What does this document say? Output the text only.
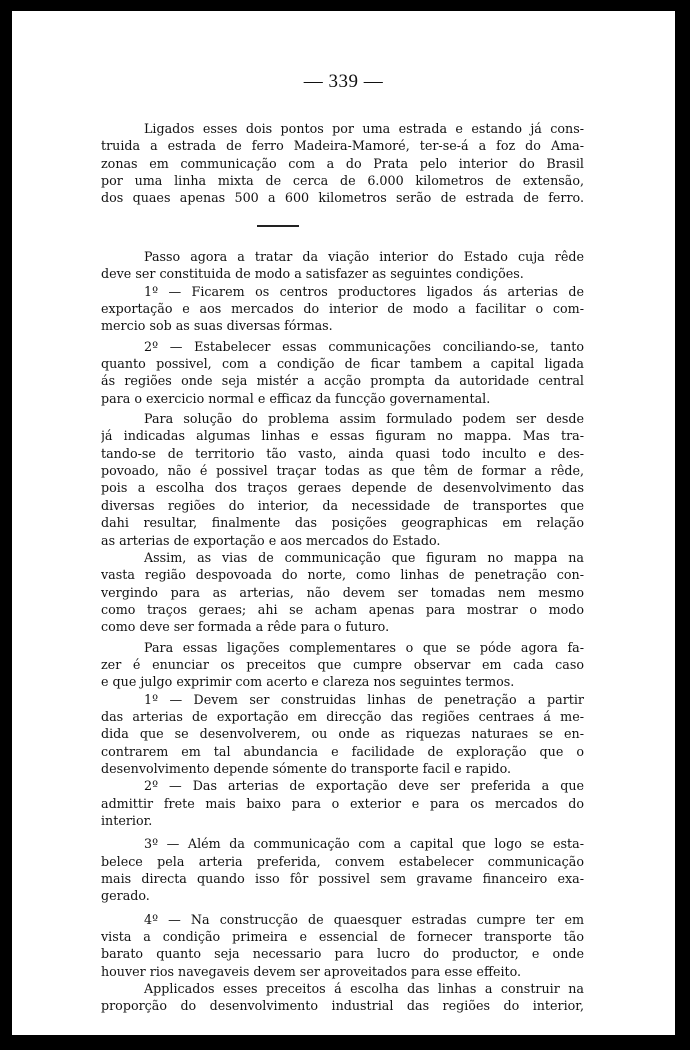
— 339 —
Ligados esses dois pontos por uma estrada e estando já cons-
truida a estrada de ferro Madeira-Mamoré, ter-se-á a foz do Ama-
zonas em communicação com a do Prata pelo interior do Brasil
por uma linha mixta de cerca de 6.000 kilometros de extensão,
dos quaes apenas 500 a 600 kilometros serão de estrada de ferro.
Passo agora a tratar da viação interior do Estado cuja rêde
deve ser constituida de modo a satisfazer as seguintes condições.
1º — Ficarem os centros productores ligados ás arterias de
exportação e aos mercados do interior de modo a facilitar o com-
mercio sob as suas diversas fórmas.
2º — Estabelecer essas communicações conciliando-se, tanto
quanto possivel, com a condição de ficar tambem a capital ligada
ás regiões onde seja mistér a acção prompta da autoridade central
para o exercicio normal e efficaz da funcção governamental.
Para solução do problema assim formulado podem ser desde
já indicadas algumas linhas e essas figuram no mappa. Mas tra-
tando-se de territorio tão vasto, ainda quasi todo inculto e des-
povoado, não é possivel traçar todas as que têm de formar a rêde,
pois a escolha dos traços geraes depende de desenvolvimento das
diversas regiões do interior, da necessidade de transportes que
dahi resultar, finalmente das posições geographicas em relação
as arterias de exportação e aos mercados do Estado.
Assim, as vias de communicação que figuram no mappa na
vasta região despovoada do norte, como linhas de penetração con-
vergindo para as arterias, não devem ser tomadas nem mesmo
como traços geraes; ahi se acham apenas para mostrar o modo
como deve ser formada a rêde para o futuro.
Para essas ligações complementares o que se póde agora fa-
zer é enunciar os preceitos que cumpre observar em cada caso
e que julgo exprimir com acerto e clareza nos seguintes termos.
1º — Devem ser construidas linhas de penetração a partir
das arterias de exportação em direcção das regiões centraes á me-
dida que se desenvolverem, ou onde as riquezas naturaes se en-
contrarem em tal abundancia e facilidade de exploração que o
desenvolvimento depende sómente do transporte facil e rapido.
2º — Das arterias de exportação deve ser preferida a que
admittir frete mais baixo para o exterior e para os mercados do
interior.
3º — Além da communicação com a capital que logo se esta-
belece pela arteria preferida, convem estabelecer communicação
mais directa quando isso fôr possivel sem gravame financeiro exa-
gerado.
4º — Na construcção de quaesquer estradas cumpre ter em
vista a condição primeira e essencial de fornecer transporte tão
barato quanto seja necessario para lucro do productor, e onde
houver rios navegaveis devem ser aproveitados para esse effeito.
Applicados esses preceitos á escolha das linhas a construir na
proporção do desenvolvimento industrial das regiões do interior,
